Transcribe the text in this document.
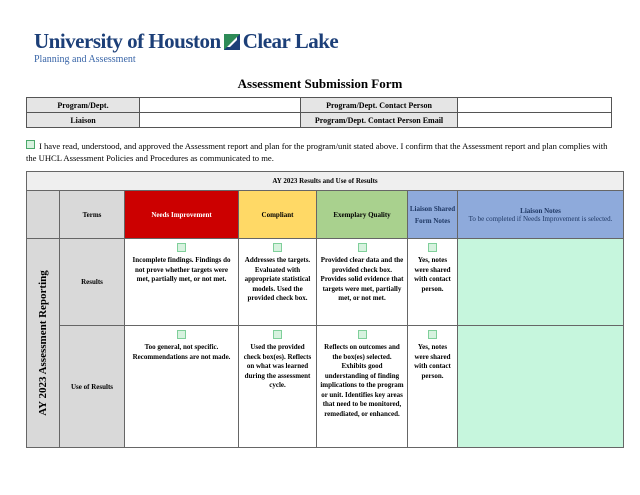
University of Houston Clear Lake
Planning and Assessment
Assessment Submission Form
Program/Dept.		Program/Dept. Contact Person	
Liaison		Program/Dept. Contact Person Email	
I have read, understood, and approved the Assessment report and plan for the program/unit stated above. I confirm that the Assessment report and plan complies with the UHCL Assessment Policies and Procedures as communicated to me.
AY 2023 Results and Use of Results						
	Terms	Needs Improvement	Compliant	Exemplary Quality	Liaison Shared Form Notes	Liaison Notes
To be completed if Needs Improvement is selected.

AY 2023 Assessment Reporting	Results	Incomplete findings. Findings do not prove whether targets were met, partially met, or not met.	Addresses the targets. Evaluated with appropriate statistical models. Used the provided check box.	Provided clear data and the provided check box. Provides solid evidence that targets were met, partially met, or not met.	Yes, notes were shared with contact person.	
	Use of Results	Too general, not specific. Recommendations are not made.	Used the provided check box(es). Reflects on what was learned during the assessment cycle.	Reflects on outcomes and the box(es) selected. Exhibits good understanding of finding implications to the program or unit. Identifies key areas that need to be monitored, remediated, or enhanced.	Yes, notes were shared with contact person.	
